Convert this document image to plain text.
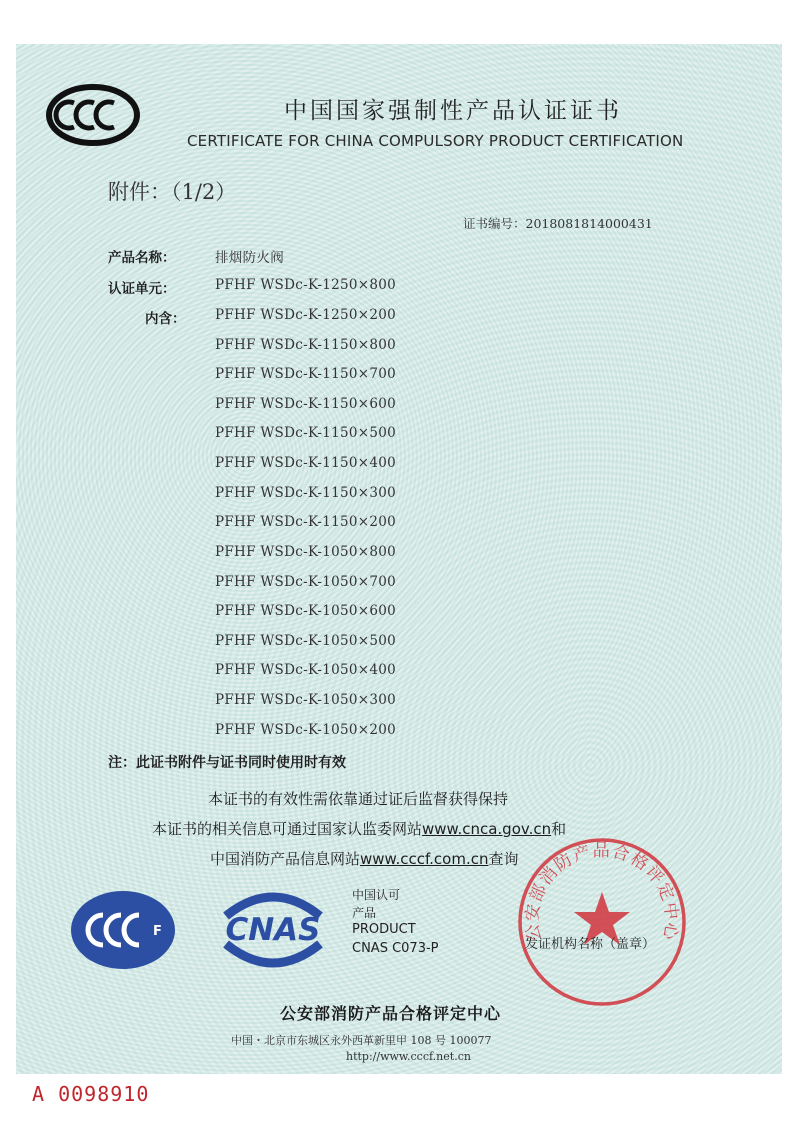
中国国家强制性产品认证证书
CERTIFICATE FOR CHINA COMPULSORY PRODUCT CERTIFICATION
附件：（1/2）
证书编号：2018081814000431
产品名称：	排烟防火阀
认证单元：	PFHF WSDc-K-1250×800
内含： PFHF WSDc-K-1250×200
PFHF WSDc-K-1150×800
PFHF WSDc-K-1150×700
PFHF WSDc-K-1150×600
PFHF WSDc-K-1150×500
PFHF WSDc-K-1150×400
PFHF WSDc-K-1150×300
PFHF WSDc-K-1150×200
PFHF WSDc-K-1050×800
PFHF WSDc-K-1050×700
PFHF WSDc-K-1050×600
PFHF WSDc-K-1050×500
PFHF WSDc-K-1050×400
PFHF WSDc-K-1050×300
PFHF WSDc-K-1050×200
注：此证书附件与证书同时使用时有效
本证书的有效性需依靠通过证后监督获得保持
本证书的相关信息可通过国家认监委网站www.cnca.gov.cn和
中国消防产品信息网站www.cccf.com.cn查询
F CNAS
中国认可
产品
PRODUCT
CNAS C073-P
公安部消防产品合格评定中心
发证机构名称（盖章）
公安部消防产品合格评定中心
中国・北京市东城区永外西革新里甲 108 号 100077
http://www.cccf.net.cn
A 0098910
